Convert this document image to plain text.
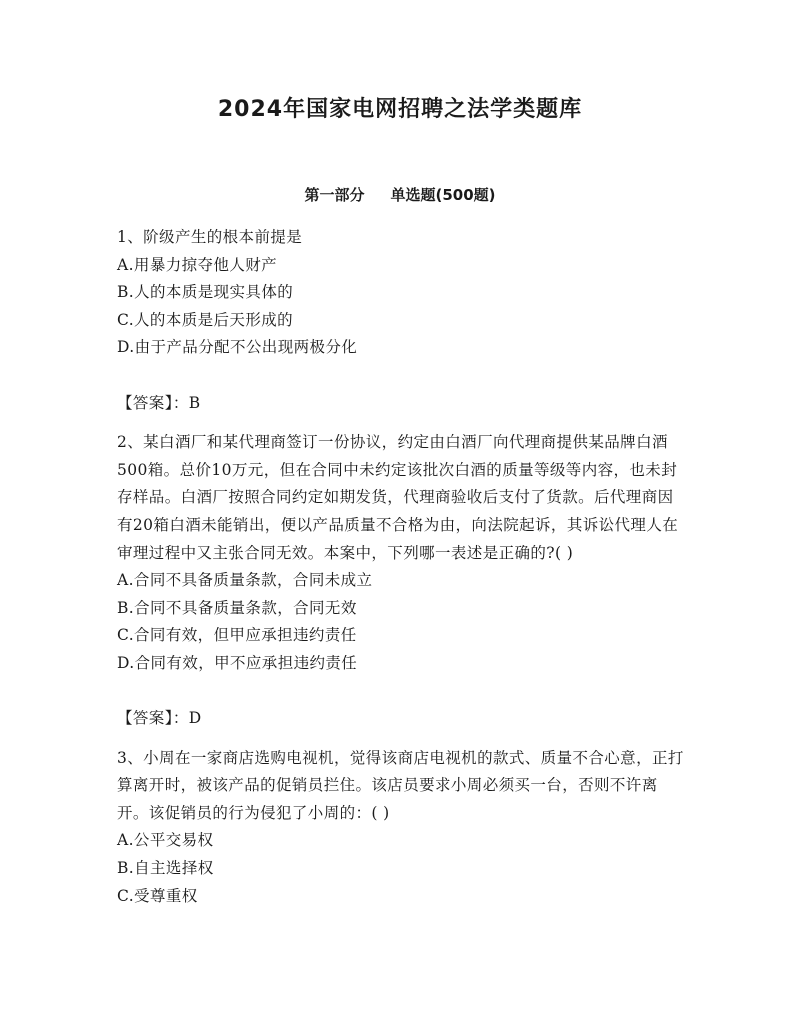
2024年国家电网招聘之法学类题库
第一部分 单选题(500题)

1、阶级产生的根本前提是

A.用暴力掠夺他人财产

B.人的本质是现实具体的

C.人的本质是后天形成的

D.由于产品分配不公出现两极分化

【答案】：B

2、某白酒厂和某代理商签订一份协议，约定由白酒厂向代理商提供某品牌白酒500箱。总价10万元，但在合同中未约定该批次白酒的质量等级等内容，也未封存样品。白酒厂按照合同约定如期发货，代理商验收后支付了货款。后代理商因有20箱白酒未能销出，便以产品质量不合格为由，向法院起诉，其诉讼代理人在审理过程中又主张合同无效。本案中，下列哪一表述是正确的?( )

A.合同不具备质量条款，合同未成立

B.合同不具备质量条款，合同无效

C.合同有效，但甲应承担违约责任

D.合同有效，甲不应承担违约责任

【答案】：D

3、小周在一家商店选购电视机，觉得该商店电视机的款式、质量不合心意，正打算离开时，被该产品的促销员拦住。该店员要求小周必须买一台，否则不许离开。该促销员的行为侵犯了小周的：( )

A.公平交易权

B.自主选择权

C.受尊重权
